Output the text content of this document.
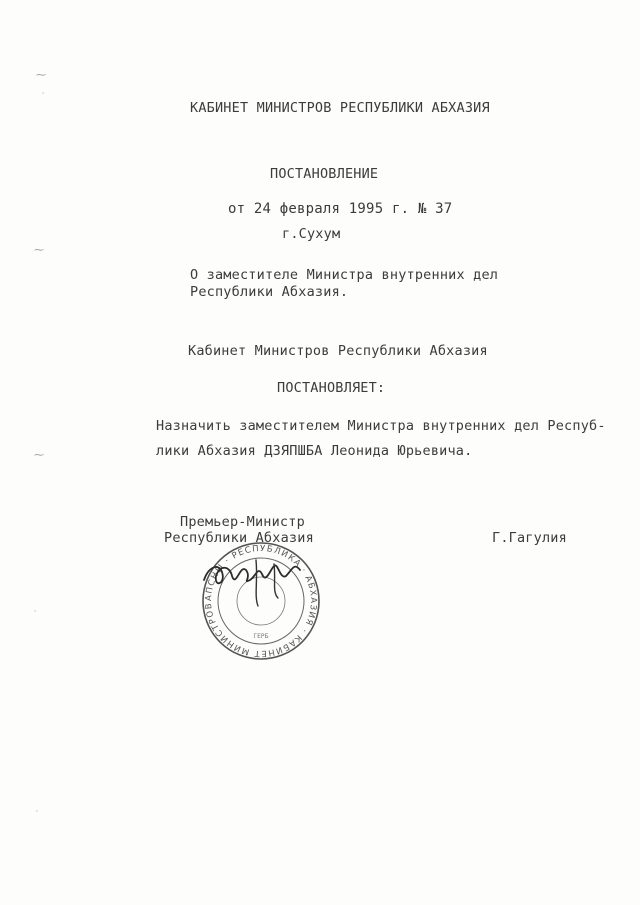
⁓
˙
⁓
⁓
˙
˙
КАБИНЕТ МИНИСТРОВ РЕСПУБЛИКИ АБХАЗИЯ
ПОСТАНОВЛЕНИЕ
от 24 февраля 1995 г. № 37
г.Сухум
О заместителе Министра внутренних дел
Республики Абхазия.
Кабинет Министров Республики Абхазия
ПОСТАНОВЛЯЕТ:
Назначить заместителем Министра внутренних дел Респуб-
лики Абхазия ДЗЯПШБА Леонида Юрьевича.
Премьер-Министр
Республики Абхазия	Г.Гагулия
АПСНЫ · РЕСПУБЛИКА · АБХАЗИЯ · КАБИНЕТ МИНИСТРОВ
ГЕРБ
